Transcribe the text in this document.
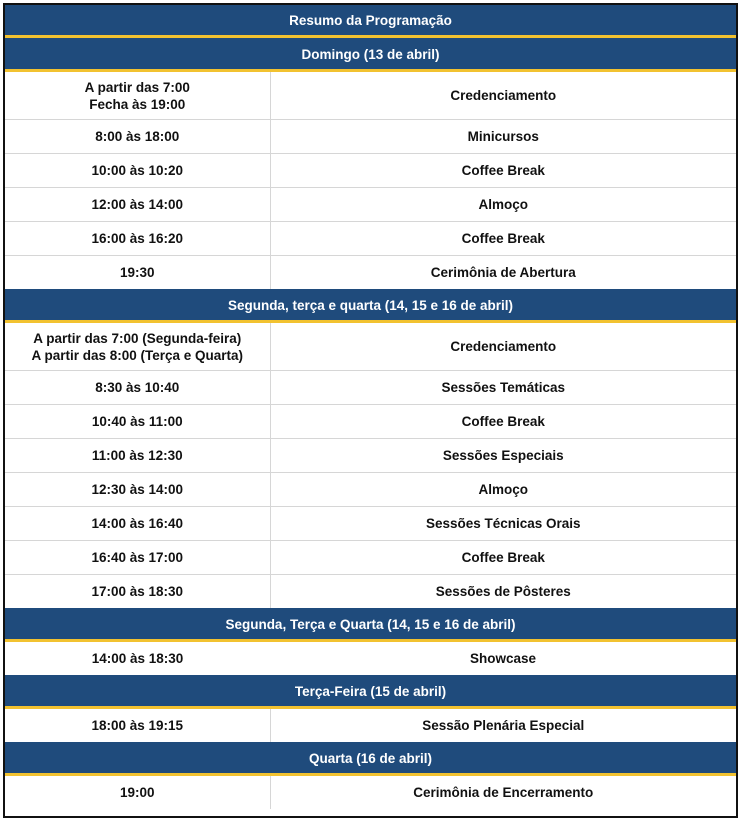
Resumo da Programação	
Domingo (13 de abril)	

A partir das 7:00
Fecha às 19:00	Credenciamento
8:00 às 18:00	Minicursos
10:00 às 10:20	Coffee Break
12:00 às 14:00	Almoço
16:00 às 16:20	Coffee Break
19:30	Cerimônia de Abertura
Segunda, terça e quarta (14, 15 e 16 de abril)	

A partir das 7:00 (Segunda-feira)
A partir das 8:00 (Terça e Quarta)	Credenciamento
8:30 às 10:40	Sessões Temáticas
10:40 às 11:00	Coffee Break
11:00 às 12:30	Sessões Especiais
12:30 às 14:00	Almoço
14:00 às 16:40	Sessões Técnicas Orais
16:40 às 17:00	Coffee Break
17:00 às 18:30	Sessões de Pôsteres
Segunda, Terça e Quarta (14, 15 e 16 de abril)	
14:00 às 18:30	Showcase
Terça-Feira (15 de abril)	
18:00 às 19:15	Sessão Plenária Especial
Quarta (16 de abril)	
19:00	Cerimônia de Encerramento
